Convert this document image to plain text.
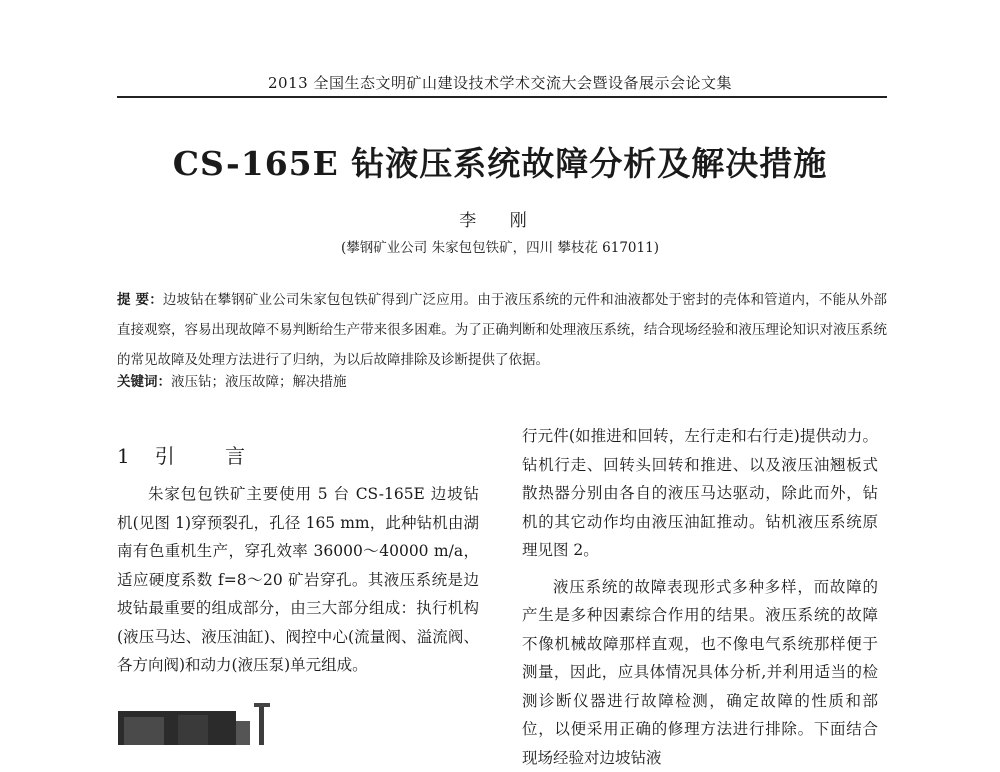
2013 全国生态文明矿山建设技术学术交流大会暨设备展示会论文集
CS-165E 钻液压系统故障分析及解决措施
李 刚
(攀钢矿业公司 朱家包包铁矿，四川 攀枝花 617011)
提 要：边坡钻在攀钢矿业公司朱家包包铁矿得到广泛应用。由于液压系统的元件和油液都处于密封的壳体和管道内，不能从外部直接观察，容易出现故障不易判断给生产带来很多困难。为了正确判断和处理液压系统，结合现场经验和液压理论知识对液压系统的常见故障及处理方法进行了归纳，为以后故障排除及诊断提供了依据。
关键词：液压钻；液压故障；解决措施
1 引 言

朱家包包铁矿主要使用 5 台 CS-165E 边坡钻机(见图 1)穿预裂孔，孔径 165 mm，此种钻机由湖南有色重机生产，穿孔效率 36000～40000 m/a，适应硬度系数 f=8～20 矿岩穿孔。其液压系统是边坡钻最重要的组成部分，由三大部分组成：执行机构(液压马达、液压油缸)、阀控中心(流量阀、溢流阀、各方向阀)和动力(液压泵)单元组成。

行元件(如推进和回转，左行走和右行走)提供动力。钻机行走、回转头回转和推进、以及液压油翘板式散热器分别由各自的液压马达驱动，除此而外，钻机的其它动作均由液压油缸推动。钻机液压系统原理见图 2。

液压系统的故障表现形式多种多样，而故障的产生是多种因素综合作用的结果。液压系统的故障不像机械故障那样直观，也不像电气系统那样便于测量，因此，应具体情况具体分析,并利用适当的检测诊断仪器进行故障检测，确定故障的性质和部位，以便采用正确的修理方法进行排除。下面结合现场经验对边坡钻液
